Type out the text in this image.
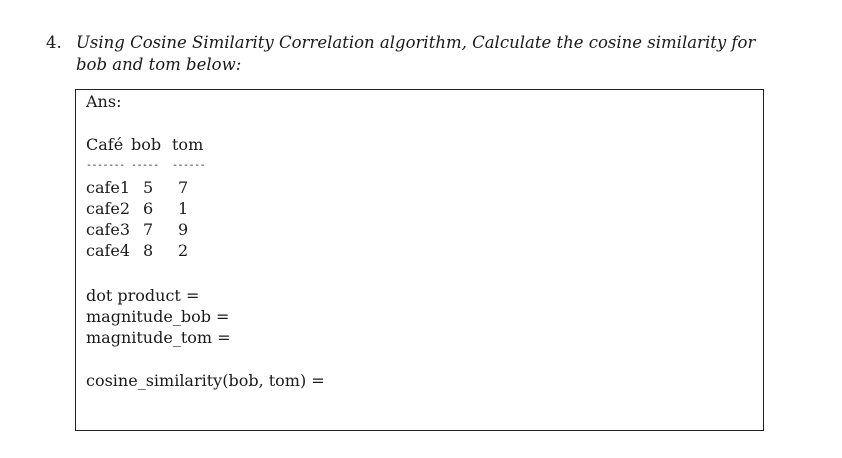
4. Using Cosine Similarity Correlation algorithm, Calculate the cosine similarity for bob and tom below:
Ans:
Café
-------
bob
-----
tom
------
cafe1 5 7
cafe2 6 1
cafe3 7 9
cafe4 8 2
dot product =
magnitude_bob =
magnitude_tom =
cosine_similarity(bob, tom) =
